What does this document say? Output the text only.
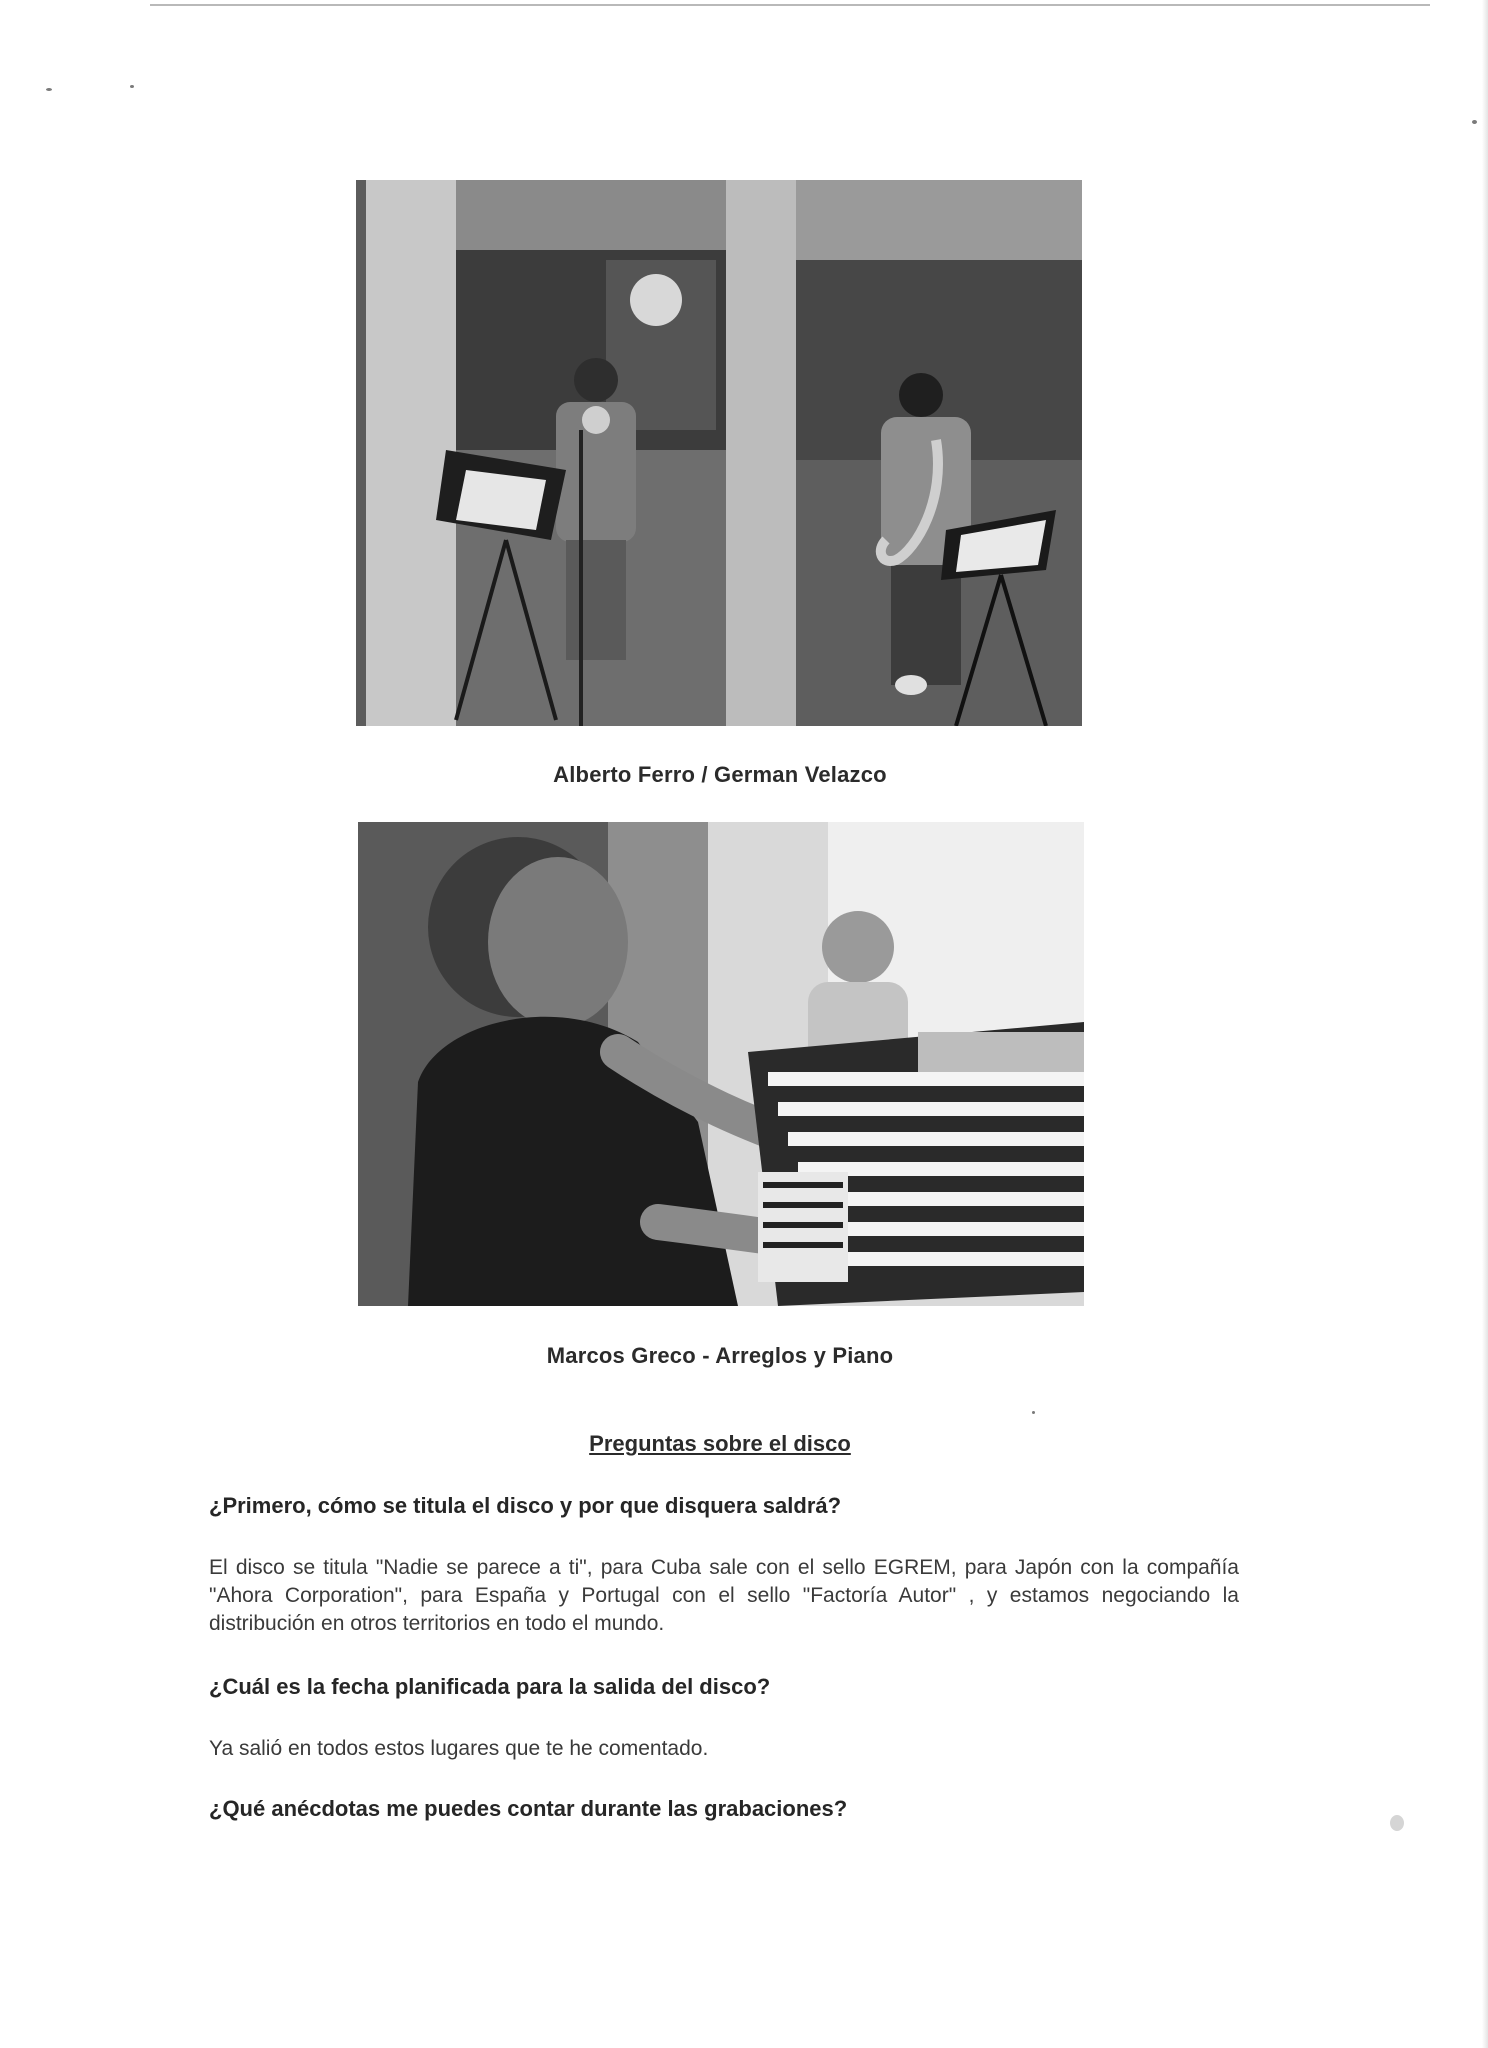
Alberto Ferro / German Velazco
Marcos Greco - Arreglos y Piano
Preguntas sobre el disco
¿Primero, cómo se titula el disco y por que disquera saldrá?
El disco se titula "Nadie se parece a ti", para Cuba sale con el sello EGREM, para Japón con la compañía "Ahora Corporation", para España y Portugal con el sello "Factoría Autor" , y estamos negociando la distribución en otros territorios en todo el mundo.
¿Cuál es la fecha planificada para la salida del disco?
Ya salió en todos estos lugares que te he comentado.
¿Qué anécdotas me puedes contar durante las grabaciones?
